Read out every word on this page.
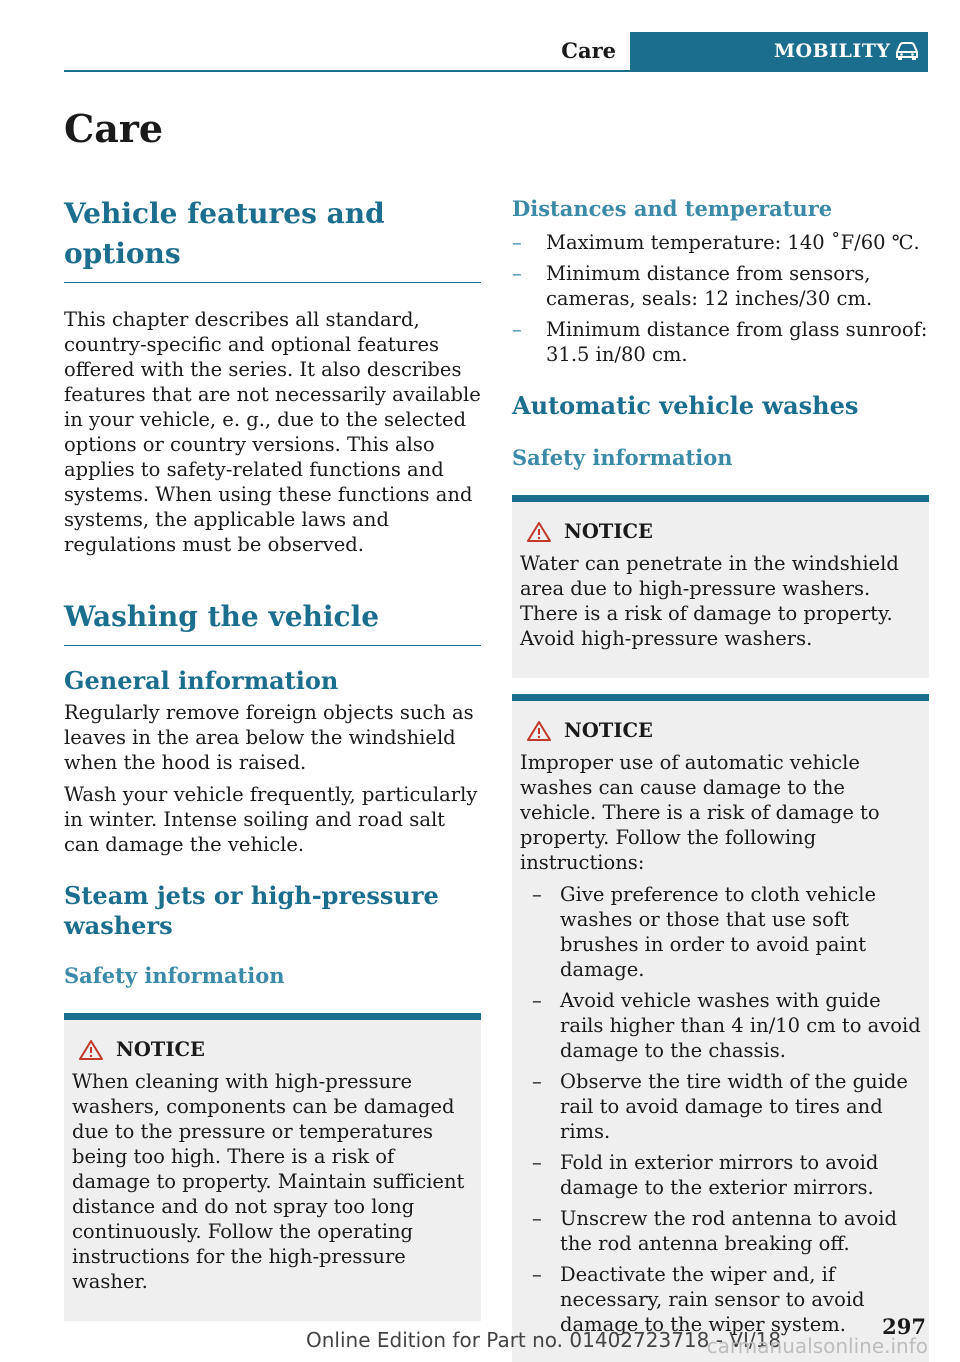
Care	MOBILITY
Care
Vehicle features and options

This chapter describes all standard, country-specific and optional features offered with the series. It also describes features that are not necessarily available in your vehicle, e. g., due to the selected options or country versions. This also applies to safety-related functions and systems. When using these functions and systems, the applicable laws and regulations must be observed.

Washing the vehicle
General information

Regularly remove foreign objects such as leaves in the area below the windshield when the hood is raised.

Wash your vehicle frequently, particularly in winter. Intense soiling and road salt can damage the vehicle.

Steam jets or high-pressure washers
Safety information
NOTICE

When cleaning with high-pressure washers, components can be damaged due to the pressure or temperatures being too high. There is a risk of damage to property. Maintain sufficient distance and do not spray too long continuously. Follow the operating instructions for the high-pressure washer.

Distances and temperature
– Maximum temperature: 140 ˚F/60 ℃.
– Minimum distance from sensors, cameras, seals: 12 inches/30 cm.
– Minimum distance from glass sunroof: 31.5 in/80 cm.
Automatic vehicle washes
Safety information
NOTICE

Water can penetrate in the windshield area due to high-pressure washers. There is a risk of damage to property. Avoid high-pressure washers.

NOTICE

Improper use of automatic vehicle washes can cause damage to the vehicle. There is a risk of damage to property. Follow the following instructions:

– Give preference to cloth vehicle washes or those that use soft brushes in order to avoid paint damage.
– Avoid vehicle washes with guide rails higher than 4 in/10 cm to avoid damage to the chassis.
– Observe the tire width of the guide rail to avoid damage to tires and rims.
– Fold in exterior mirrors to avoid damage to the exterior mirrors.
– Unscrew the rod antenna to avoid the rod antenna breaking off.
– Deactivate the wiper and, if necessary, rain sensor to avoid damage to the wiper system.	297
Online Edition for Part no. 01402723718 - VI/18
carmanualsonline.info
